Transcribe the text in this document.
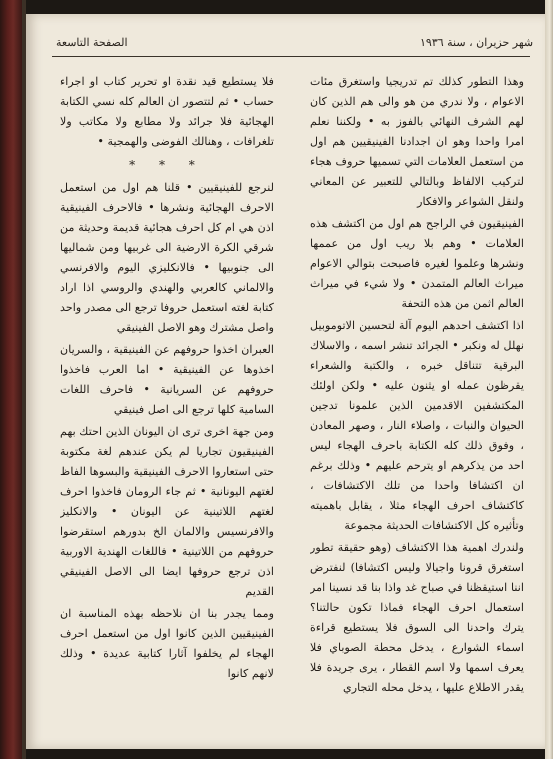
الصفحة التاسعة	شهر حزيران ، سنة ١٩٣٦

وهذا التطور كذلك تم تدريجيا واستغرق مئات الاعوام ، ولا ندري من هو والى هم الذين كان لهم الشرف النهائي بالفوز به • ولكننا نعلم امرا واحدا وهو ان اجدادنا الفينيقيين هم اول من استعمل العلامات التي تسميها حروف هجاء لتركيب الالفاظ وبالتالي للتعبير عن المعاني ولنقل الشواعر والافكار

الفينيقيون في الراجح هم اول من اكتشف هذه العلامات • وهم بلا ريب اول من عممها ونشرها وعلموا لغيره فاصبحت بتوالي الاعوام ميراث العالم المتمدن • ولا شيء في ميراث العالم اثمن من هذه التحفة

اذا اكتشف احدهم اليوم آلة لتحسين الاتوموبيل نهلل له ونكبر • الجرائد تنشر اسمه ، والاسلاك البرقية تتناقل خبره ، والكتبة والشعراء يقرظون عمله او يثنون عليه • ولكن اولئك المكتشفين الاقدمين الذين علمونا تدجين الحيوان والنبات ، واصلاء النار ، وصهر المعادن ، وفوق ذلك كله الكتابة باحرف الهجاء ليس احد من يذكرهم او يترحم عليهم • وذلك برغم ان اكتشافا واحدا من تلك الاكتشافات ، كاكتشاف احرف الهجاء مثلا ، يقابل باهميته وتأثيره كل الاكتشافات الحديثة مجموعة

ولندرك اهمية هذا الاكتشاف (وهو حقيقة تطور استغرق قرونا واجيالا وليس اكتشافا) لنفترض اننا استيقظنا في صباح غد واذا بنا قد نسينا امر استعمال احرف الهجاء فماذا تكون حالتنا؟ يترك واحدنا الى السوق فلا يستطيع قراءة اسماء الشوارع ، يدخل محطة الصوباي فلا يعرف اسمها ولا اسم القطار ، يرى جريدة فلا يقدر الاطلاع عليها ، يدخل محله التجاري

فلا يستطيع قيد نقدة او تحرير كتاب او اجراء حساب • ثم لتتصور ان العالم كله نسي الكتابة الهجائية فلا جرائد ولا مطابع ولا مكاتب ولا تلغرافات ، وهنالك الفوضى والهمجية •

* * *

لنرجع للفينيقيين • قلنا هم اول من استعمل الاحرف الهجائية ونشرها • فالاحرف الفينيقية اذن هي ام كل احرف هجائية قديمة وحديثة من شرقي الكرة الارضية الى غربيها ومن شماليها الى جنوبيها • فالانكليزي اليوم والافرنسي والالماني كالعربي والهندي والروسي اذا اراد كتابة لغته استعمل حروفا ترجع الى مصدر واحد واصل مشترك وهو الاصل الفينيقي

العبران اخذوا حروفهم عن الفينيقية ، والسريان اخذوها عن الفينيقية • اما العرب فاخذوا حروفهم عن السريانية • فاحرف اللغات السامية كلها ترجع الى اصل فينيقي

ومن جهة اخرى ترى ان اليونان الذين احتك بهم الفينيقيون تجاريا لم يكن عندهم لغة مكتوبة حتى استعاروا الاحرف الفينيقية والبسوها الفاظ لغتهم اليونانية • ثم جاء الرومان فاخذوا احرف لغتهم اللاتينية عن اليونان • والانكليز والافرنسيس والالمان الخ بدورهم استقرضوا حروفهم من اللاتينية • فاللغات الهندية الاوربية اذن ترجع حروفها ايضا الى الاصل الفينيقي القديم

ومما يجدر بنا ان نلاحظه بهذه المناسبة ان الفينيقيين الذين كانوا اول من استعمل احرف الهجاء لم يخلفوا آثارا كتابية عديدة • وذلك لانهم كانوا
